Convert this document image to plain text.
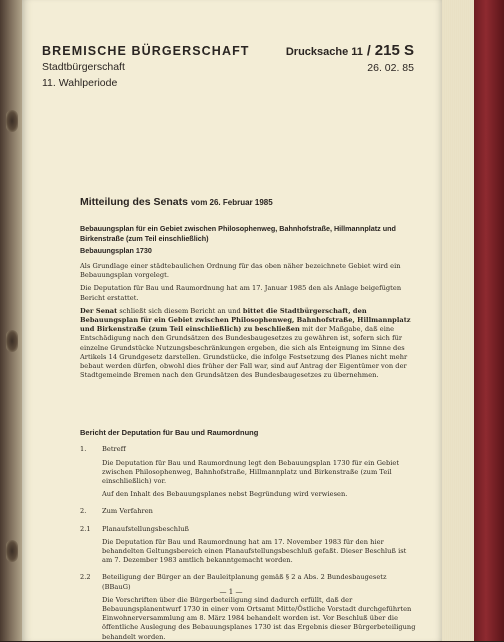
BREMISCHE BÜRGERSCHAFT
Stadtbürgerschaft
11. Wahlperiode
Drucksache 11 / 215 S
26. 02. 85
Mitteilung des Senats vom 26. Februar 1985
Bebauungsplan für ein Gebiet zwischen Philosophenweg, Bahnhofstraße, Hillmannplatz und Birkenstraße (zum Teil einschließlich)
Bebauungsplan 1730
Als Grundlage einer städtebaulichen Ordnung für das oben näher bezeichnete Gebiet wird ein Bebauungsplan vorgelegt.
Die Deputation für Bau und Raumordnung hat am 17. Januar 1985 den als Anlage beigefügten Bericht erstattet.
Der Senat schließt sich diesem Bericht an und bittet die Stadtbürgerschaft, den Bebauungsplan für ein Gebiet zwischen Philosophenweg, Bahnhofstraße, Hillmannplatz und Birkenstraße (zum Teil einschließlich) zu beschließen mit der Maßgabe, daß eine Entschädigung nach den Grundsätzen des Bundesbaugesetzes zu gewähren ist, sofern sich für einzelne Grundstücke Nutzungsbeschränkungen ergeben, die sich als Enteignung im Sinne des Artikels 14 Grundgesetz darstellen. Grundstücke, die infolge Festsetzung des Planes nicht mehr bebaut werden dürfen, obwohl dies früher der Fall war, sind auf Antrag der Eigentümer von der Stadtgemeinde Bremen nach den Grundsätzen des Bundesbaugesetzes zu übernehmen.
Bericht der Deputation für Bau und Raumordnung
1.	Betreff
Die Deputation für Bau und Raumordnung legt den Bebauungsplan 1730 für ein Gebiet zwischen Philosophenweg, Bahnhofstraße, Hillmannplatz und Birkenstraße (zum Teil einschließlich) vor.
Auf den Inhalt des Bebauungsplanes nebst Begründung wird verwiesen.
2.	Zum Verfahren
2.1	Planaufstellungsbeschluß
Die Deputation für Bau und Raumordnung hat am 17. November 1983 für den hier behandelten Geltungsbereich einen Planaufstellungsbeschluß gefaßt. Dieser Beschluß ist am 7. Dezember 1983 amtlich bekanntgemacht worden.
2.2	Beteiligung der Bürger an der Bauleitplanung gemäß § 2 a Abs. 2 Bundesbaugesetz (BBauG)
Die Vorschriften über die Bürgerbeteiligung sind dadurch erfüllt, daß der Bebauungsplanentwurf 1730 in einer vom Ortsamt Mitte/Östliche Vorstadt durchgeführten Einwohnerversammlung am 8. März 1984 behandelt worden ist. Vor Beschluß über die öffentliche Auslegung des Bebauungsplanes 1730 ist das Ergebnis dieser Bürgerbeteiligung behandelt worden.
— 1 —
